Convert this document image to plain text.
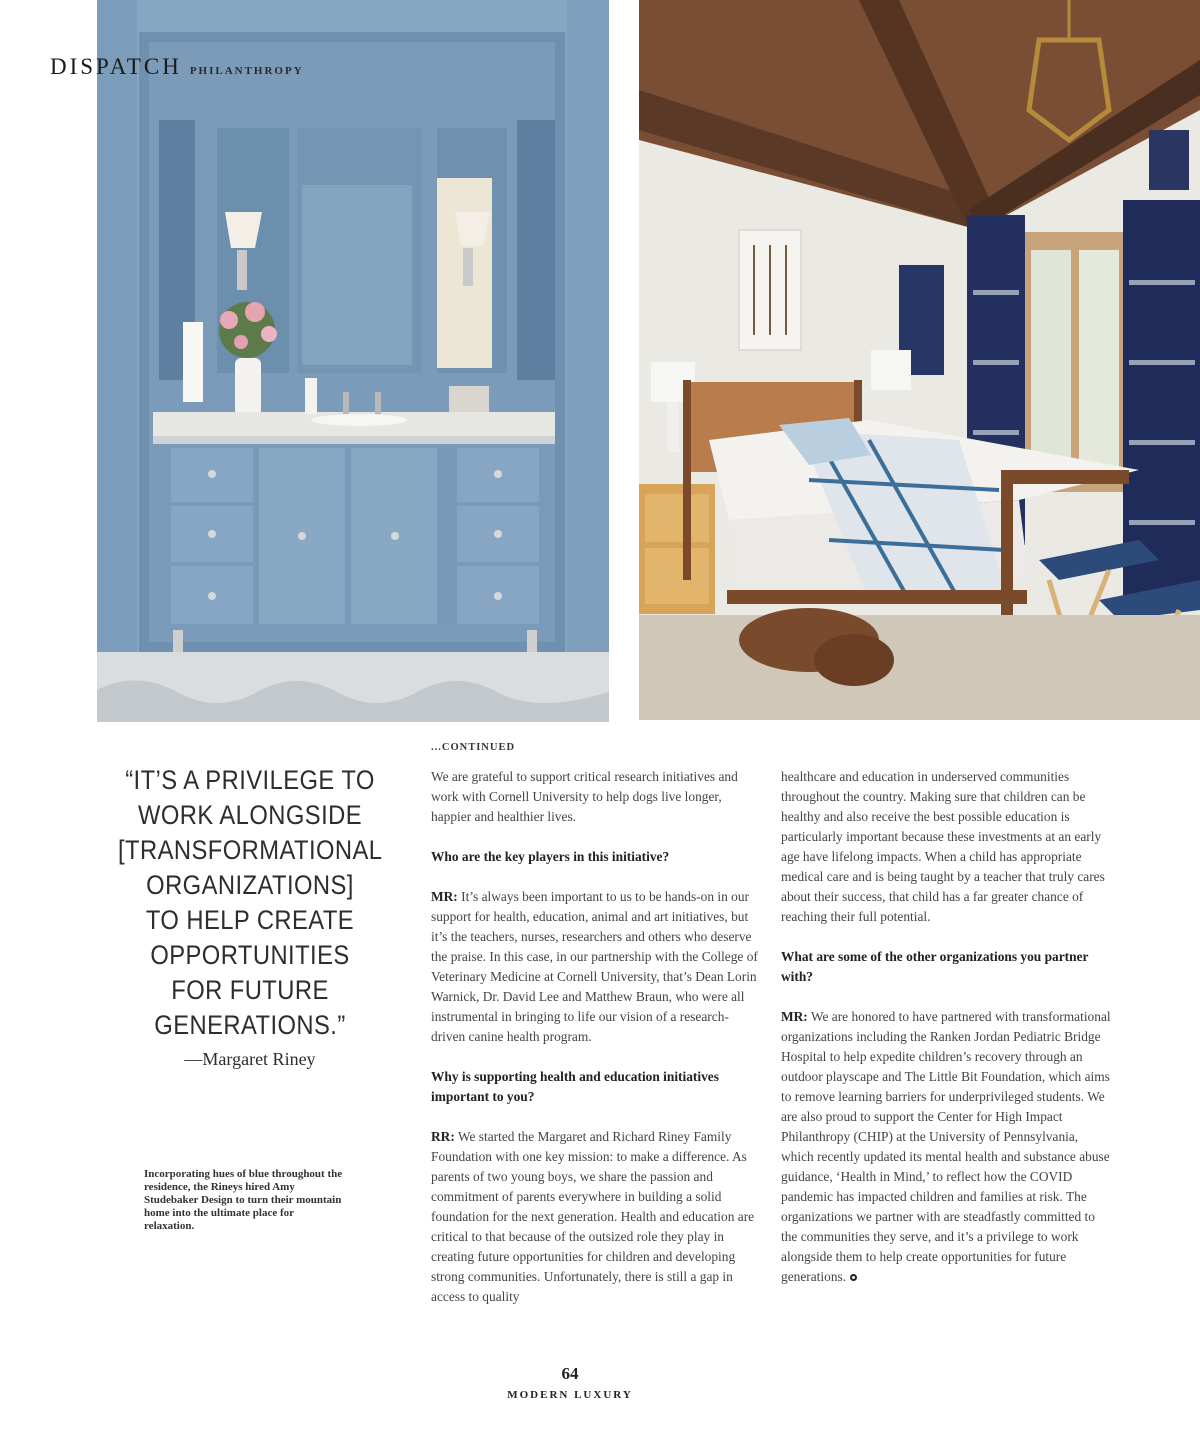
DISPATCH PHILANTHROPY
“IT’S A PRIVILEGE TO
WORK ALONGSIDE
[TRANSFORMATIONAL
ORGANIZATIONS]
TO HELP CREATE
OPPORTUNITIES
FOR FUTURE
GENERATIONS.”
—Margaret Riney
Incorporating hues of blue throughout the residence, the Rineys hired Amy Studebaker Design to turn their mountain home into the ultimate place for relaxation.
...CONTINUED

We are grateful to support critical research initiatives and work with Cornell University to help dogs live longer, happier and healthier lives.

Who are the key players in this initiative?

MR: It’s always been important to us to be hands-on in our support for health, education, animal and art initiatives, but it’s the teachers, nurses, researchers and others who deserve the praise. In this case, in our partnership with the College of Veterinary Medicine at Cornell University, that’s Dean Lorin Warnick, Dr. David Lee and Matthew Braun, who were all instrumental in bringing to life our vision of a research-driven canine health program.

Why is supporting health and education initiatives important to you?

RR: We started the Margaret and Richard Riney Family Foundation with one key mission: to make a difference. As parents of two young boys, we share the passion and commitment of parents everywhere in building a solid foundation for the next generation. Health and education are critical to that because of the outsized role they play in creating future opportunities for children and developing strong communities. Unfortunately, there is still a gap in access to quality

healthcare and education in underserved communities throughout the country. Making sure that children can be healthy and also receive the best possible education is particularly important because these investments at an early age have lifelong impacts. When a child has appropriate medical care and is being taught by a teacher that truly cares about their success, that child has a far greater chance of reaching their full potential.

What are some of the other organizations you partner with?

MR: We are honored to have partnered with transformational organizations including the Ranken Jordan Pediatric Bridge Hospital to help expedite children’s recovery through an outdoor playscape and The Little Bit Foundation, which aims to remove learning barriers for underprivileged students. We are also proud to support the Center for High Impact Philanthropy (CHIP) at the University of Pennsylvania, which recently updated its mental health and substance abuse guidance, ‘Health in Mind,’ to reflect how the COVID pandemic has impacted children and families at risk. The organizations we partner with are steadfastly committed to the communities they serve, and it’s a privilege to work alongside them to help create opportunities for future generations.

64
MODERN LUXURY
